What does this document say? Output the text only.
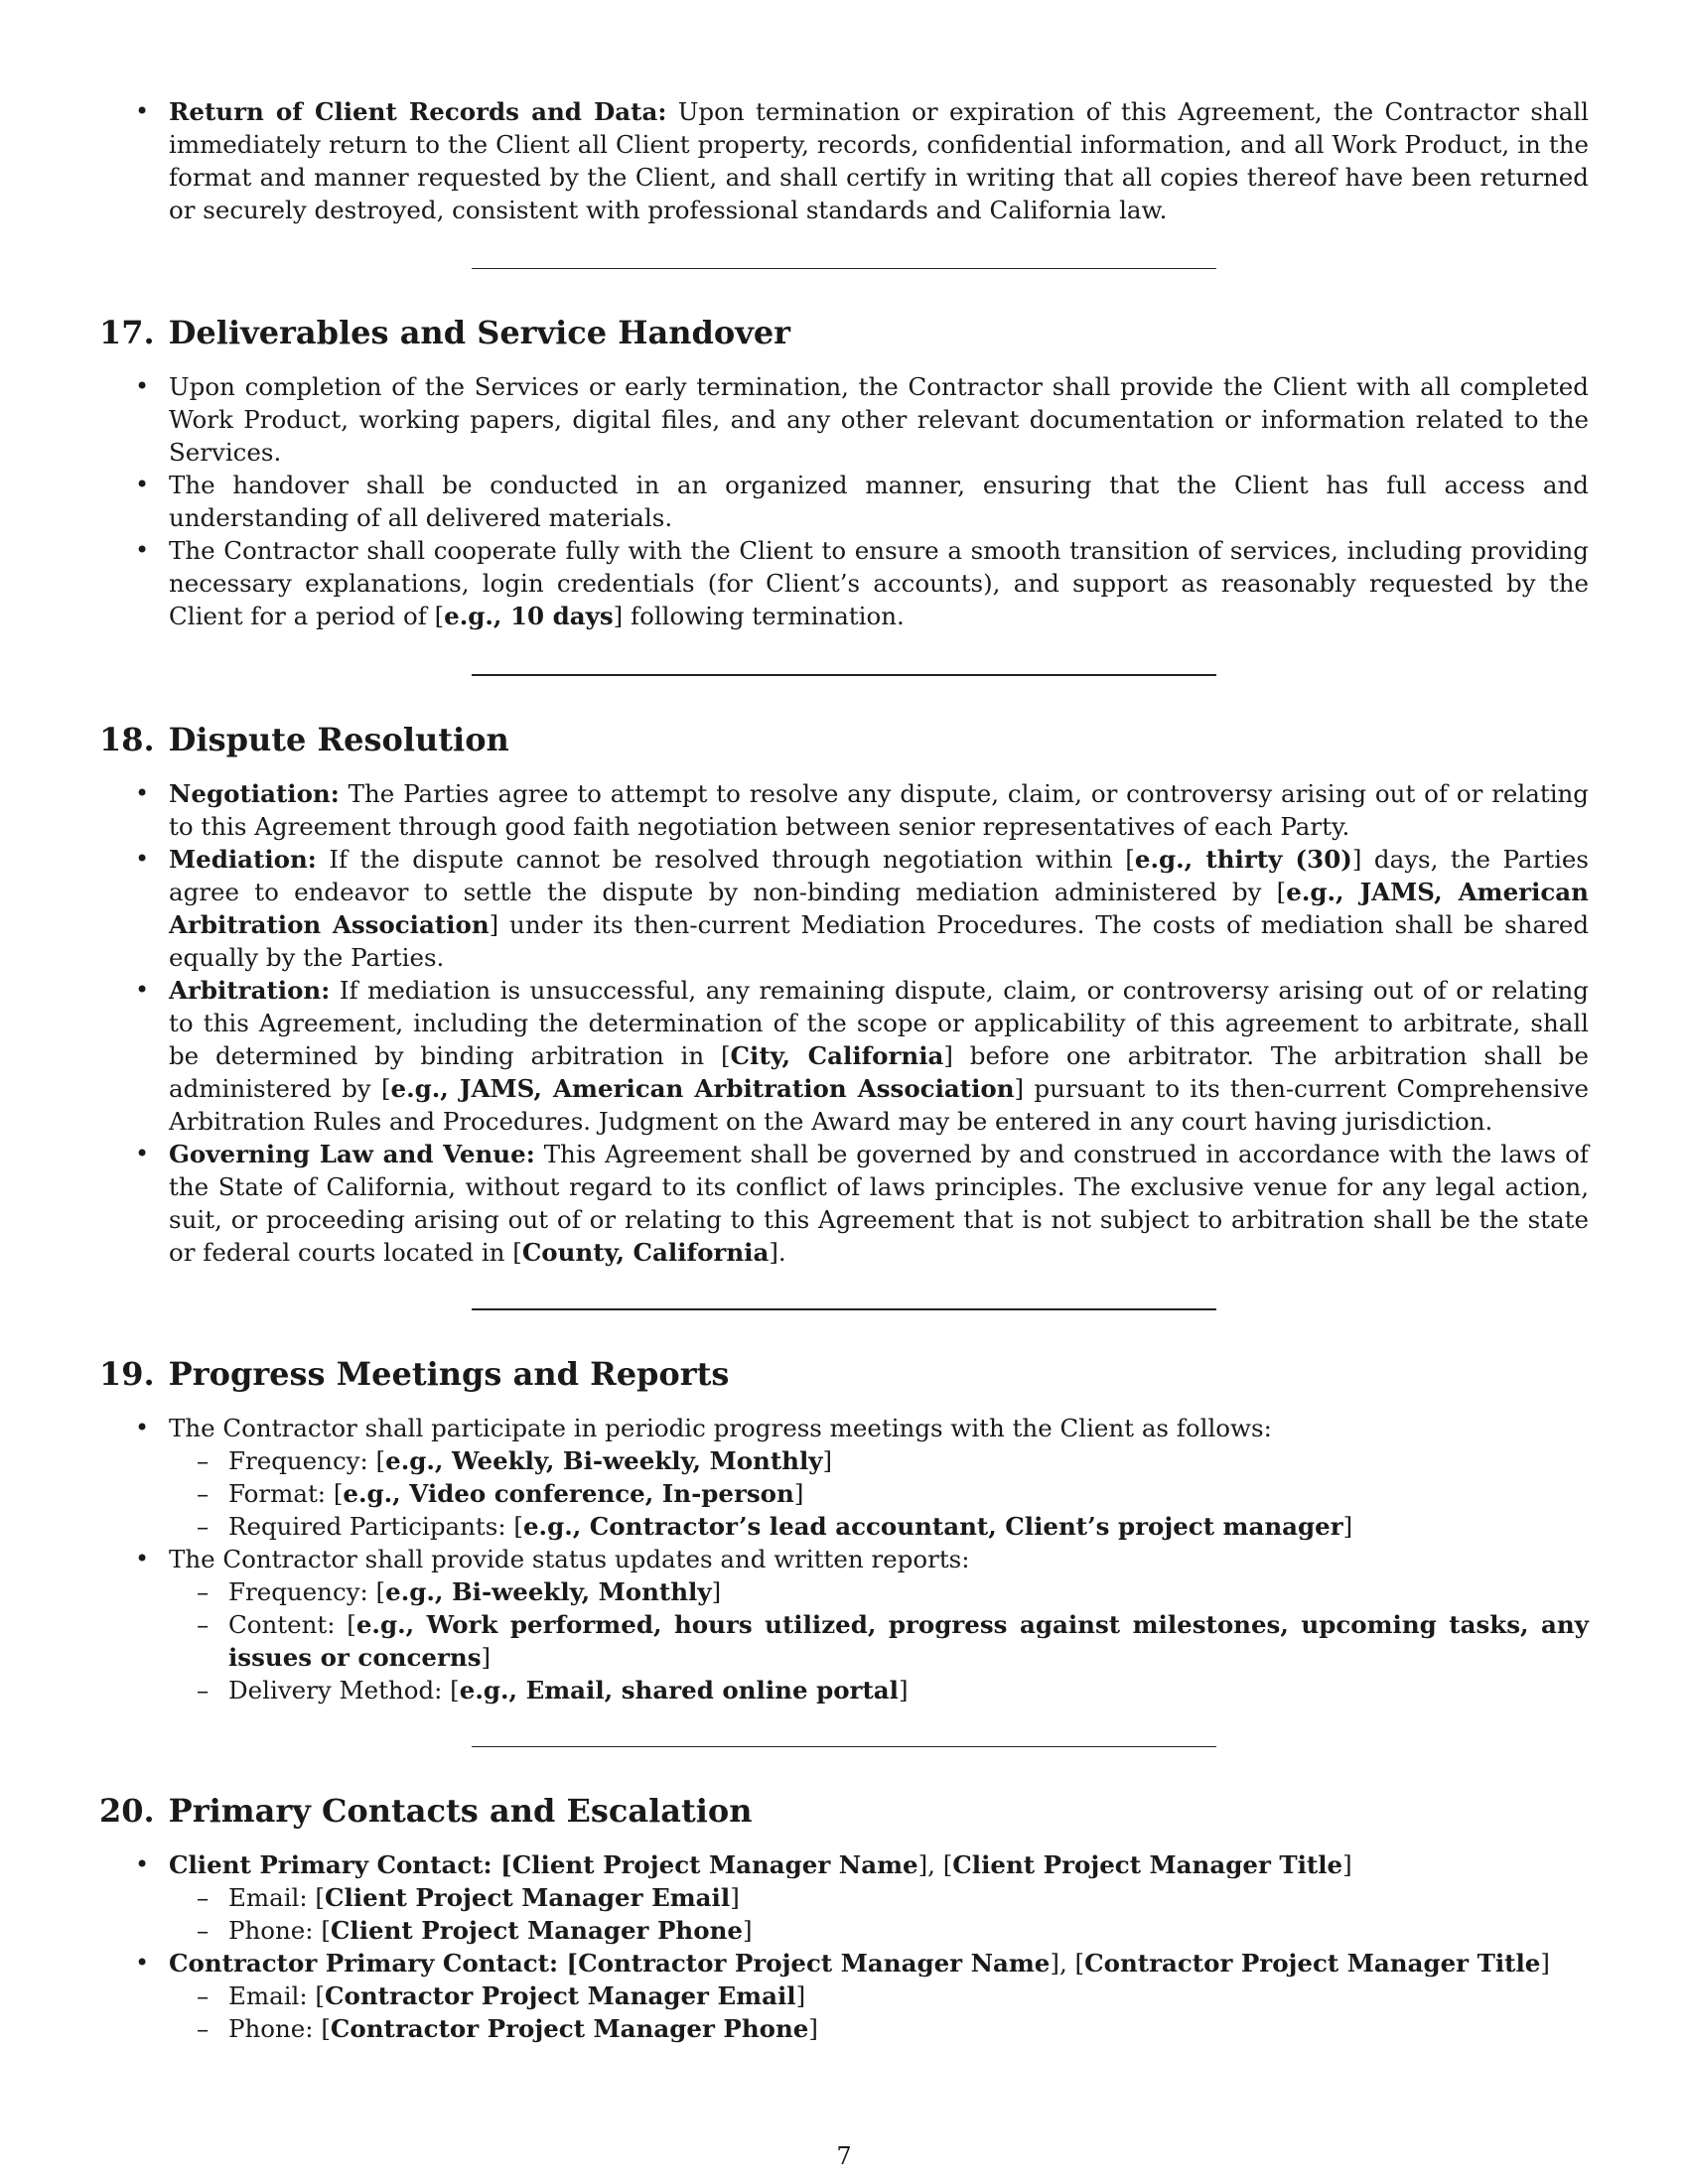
• Return of Client Records and Data: Upon termination or expiration of this Agreement, the Contractor shall immediately return to the Client all Client property, records, confidential information, and all Work Product, in the format and manner requested by the Client, and shall certify in writing that all copies thereof have been returned or securely destroyed, consistent with professional standards and California law.
17. Deliverables and Service Handover
• Upon completion of the Services or early termination, the Contractor shall provide the Client with all completed Work Product, working papers, digital files, and any other relevant documentation or information related to the Services.
• The handover shall be conducted in an organized manner, ensuring that the Client has full access and understanding of all delivered materials.
• The Contractor shall cooperate fully with the Client to ensure a smooth transition of services, including providing necessary explanations, login credentials (for Client’s accounts), and support as reasonably requested by the Client for a period of [e.g., 10 days] following termination.
18. Dispute Resolution
• Negotiation: The Parties agree to attempt to resolve any dispute, claim, or controversy arising out of or relating to this Agreement through good faith negotiation between senior representatives of each Party.
• Mediation: If the dispute cannot be resolved through negotiation within [e.g., thirty (30)] days, the Parties agree to endeavor to settle the dispute by non-binding mediation administered by [e.g., JAMS, American Arbitration Association] under its then-current Mediation Procedures. The costs of mediation shall be shared equally by the Parties.
• Arbitration: If mediation is unsuccessful, any remaining dispute, claim, or controversy arising out of or relating to this Agreement, including the determination of the scope or applicability of this agreement to arbitrate, shall be determined by binding arbitration in [City, California] before one arbitrator. The arbitration shall be administered by [e.g., JAMS, American Arbitration Association] pursuant to its then-current Comprehensive Arbitration Rules and Procedures. Judgment on the Award may be entered in any court having jurisdiction.
• Governing Law and Venue: This Agreement shall be governed by and construed in accordance with the laws of the State of California, without regard to its conflict of laws principles. The exclusive venue for any legal action, suit, or proceeding arising out of or relating to this Agreement that is not subject to arbitration shall be the state or federal courts located in [County, California].
19. Progress Meetings and Reports
• The Contractor shall participate in periodic progress meetings with the Client as follows:
– Frequency: [e.g., Weekly, Bi-weekly, Monthly]
– Format: [e.g., Video conference, In-person]
– Required Participants: [e.g., Contractor’s lead accountant, Client’s project manager]
• The Contractor shall provide status updates and written reports:
– Frequency: [e.g., Bi-weekly, Monthly]
– Content: [e.g., Work performed, hours utilized, progress against milestones, upcoming tasks, any issues or concerns]
– Delivery Method: [e.g., Email, shared online portal]
20. Primary Contacts and Escalation
• Client Primary Contact: [Client Project Manager Name], [Client Project Manager Title]
– Email: [Client Project Manager Email]
– Phone: [Client Project Manager Phone]
• Contractor Primary Contact: [Contractor Project Manager Name], [Contractor Project Manager Title]
– Email: [Contractor Project Manager Email]
– Phone: [Contractor Project Manager Phone]
7
